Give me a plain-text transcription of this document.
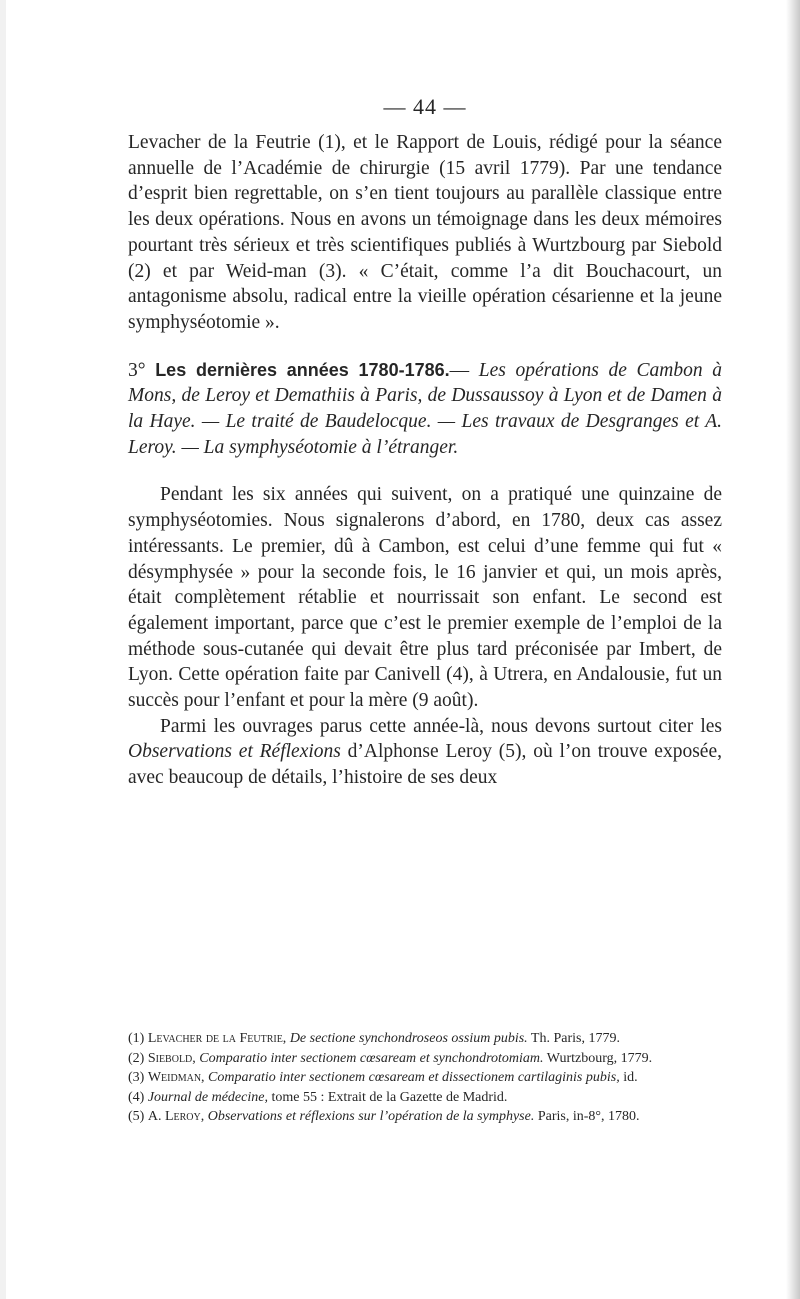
— 44 —

Levacher de la Feutrie (1), et le Rapport de Louis, rédigé pour la séance annuelle de l’Académie de chirurgie (15 avril 1779). Par une tendance d’esprit bien regrettable, on s’en tient toujours au parallèle classique entre les deux opérations. Nous en avons un témoignage dans les deux mémoires pourtant très sérieux et très scientifiques publiés à Wurtzbourg par Siebold (2) et par Weid-man (3). « C’était, comme l’a dit Bouchacourt, un antagonisme absolu, radical entre la vieille opération césarienne et la jeune symphyséotomie ».

3° Les dernières années 1780-1786.— Les opérations de Cambon à Mons, de Leroy et Demathiis à Paris, de Dussaussoy à Lyon et de Damen à la Haye. — Le traité de Baudelocque. — Les travaux de Desgranges et A. Leroy. — La symphyséotomie à l’étranger.

Pendant les six années qui suivent, on a pratiqué une quinzaine de symphyséotomies. Nous signalerons d’abord, en 1780, deux cas assez intéressants. Le premier, dû à Cambon, est celui d’une femme qui fut « désymphysée » pour la seconde fois, le 16 janvier et qui, un mois après, était complètement rétablie et nourrissait son enfant. Le second est également important, parce que c’est le premier exemple de l’emploi de la méthode sous-cutanée qui devait être plus tard préconisée par Imbert, de Lyon. Cette opération faite par Canivell (4), à Utrera, en Andalousie, fut un succès pour l’enfant et pour la mère (9 août).

Parmi les ouvrages parus cette année-là, nous devons surtout citer les Observations et Réflexions d’Alphonse Leroy (5), où l’on trouve exposée, avec beaucoup de détails, l’histoire de ses deux

(1) Levacher de la Feutrie, De sectione synchondroseos ossium pubis. Th. Paris, 1779.

(2) Siebold, Comparatio inter sectionem cœsaream et synchondrotomiam. Wurtzbourg, 1779.

(3) Weidman, Comparatio inter sectionem cœsaream et dissectionem cartilaginis pubis, id.

(4) Journal de médecine, tome 55 : Extrait de la Gazette de Madrid.

(5) A. Leroy, Observations et réflexions sur l’opération de la symphyse. Paris, in-8°, 1780.
